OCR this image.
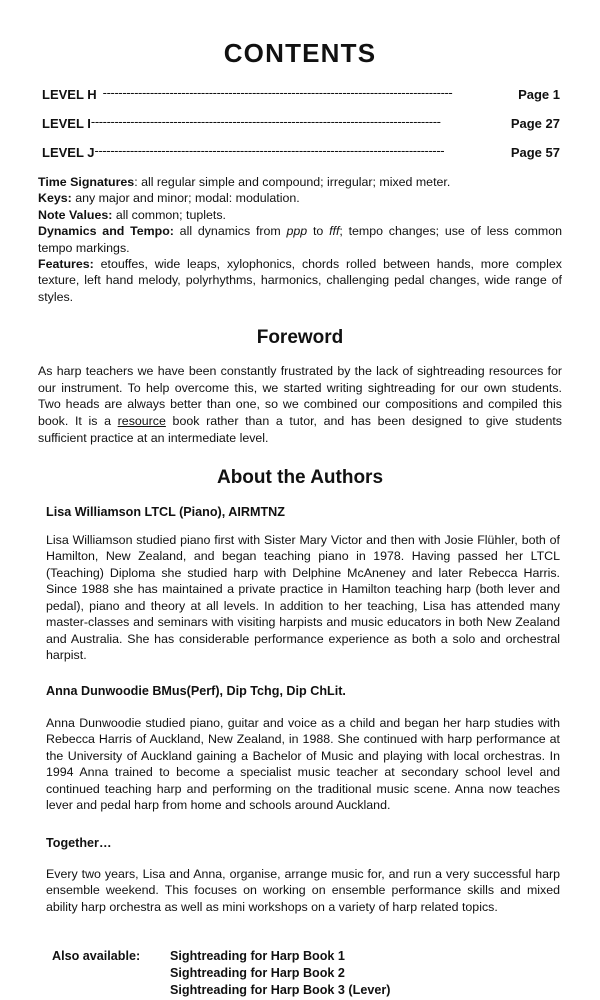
CONTENTS
LEVEL H -----------------------------------------------------------------------------------------	Page 1
LEVEL I -----------------------------------------------------------------------------------------	Page 27
LEVEL J -----------------------------------------------------------------------------------------	Page 57

Time Signatures: all regular simple and compound; irregular; mixed meter.

Keys: any major and minor; modal: modulation.

Note Values: all common; tuplets.

Dynamics and Tempo: all dynamics from ppp to fff; tempo changes; use of less common tempo markings.

Features: etouffes, wide leaps, xylophonics, chords rolled between hands, more complex texture, left hand melody, polyrhythms, harmonics, challenging pedal changes, wide range of styles.

Foreword

As harp teachers we have been constantly frustrated by the lack of sightreading resources for our instrument. To help overcome this, we started writing sightreading for our own students. Two heads are always better than one, so we combined our compositions and compiled this book. It is a resource book rather than a tutor, and has been designed to give students sufficient practice at an intermediate level.

About the Authors
Lisa Williamson LTCL (Piano), AIRMTNZ

Lisa Williamson studied piano first with Sister Mary Victor and then with Josie Flühler, both of Hamilton, New Zealand, and began teaching piano in 1978. Having passed her LTCL (Teaching) Diploma she studied harp with Delphine McAneney and later Rebecca Harris. Since 1988 she has maintained a private practice in Hamilton teaching harp (both lever and pedal), piano and theory at all levels. In addition to her teaching, Lisa has attended many master-classes and seminars with visiting harpists and music educators in both New Zealand and Australia. She has considerable performance experience as both a solo and orchestral harpist.

Anna Dunwoodie BMus(Perf), Dip Tchg, Dip ChLit.

Anna Dunwoodie studied piano, guitar and voice as a child and began her harp studies with Rebecca Harris of Auckland, New Zealand, in 1988. She continued with harp performance at the University of Auckland gaining a Bachelor of Music and playing with local orchestras. In 1994 Anna trained to become a specialist music teacher at secondary school level and continued teaching harp and performing on the traditional music scene. Anna now teaches lever and pedal harp from home and schools around Auckland.

Together…

Every two years, Lisa and Anna, organise, arrange music for, and run a very successful harp ensemble weekend. This focuses on working on ensemble performance skills and mixed ability harp orchestra as well as mini workshops on a variety of harp related topics.

Also available:	Sightreading for Harp Book 1
Sightreading for Harp Book 2
Sightreading for Harp Book 3 (Lever)
